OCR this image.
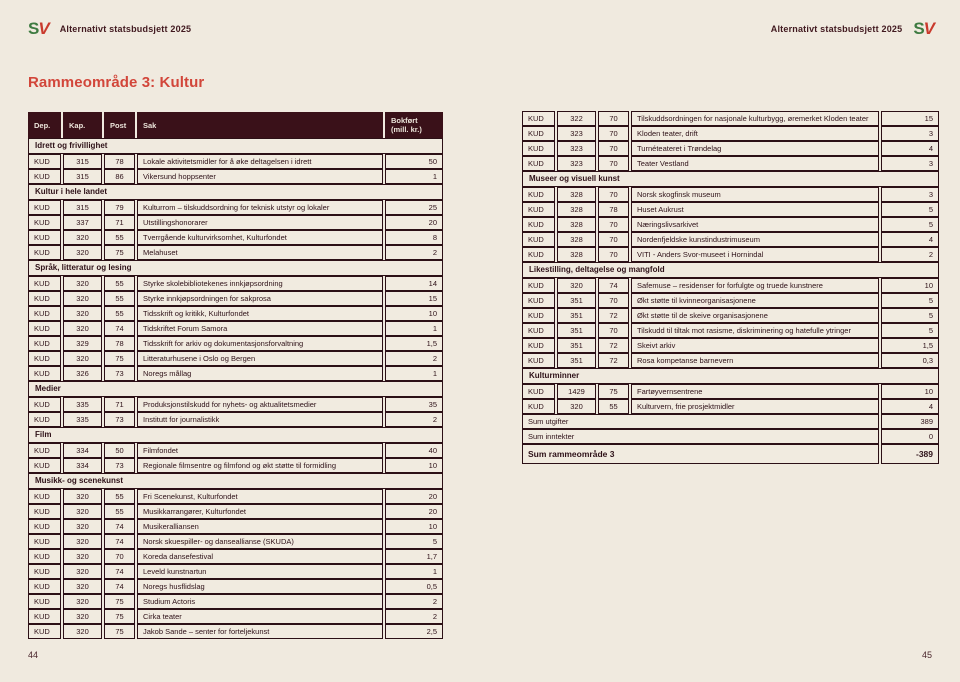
SV Alternativt statsbudsjett 2025	Alternativt statsbudsjett 2025 SV
Rammeområde 3: Kultur
Dep.	Kap.	Post	Sak	Bokført
(mill. kr.)
Idrett og frivillighet				
KUD	315	78	Lokale aktivitetsmidler for å øke deltagelsen i idrett	50
KUD	315	86	Vikersund hoppsenter	1
Kultur i hele landet				
KUD	315	79	Kulturrom – tilskuddsordning for teknisk utstyr og lokaler	25
KUD	337	71	Utstillingshonorarer	20
KUD	320	55	Tverrgående kulturvirksomhet, Kulturfondet	8
KUD	320	75	Melahuset	2
Språk, litteratur og lesing				
KUD	320	55	Styrke skolebibliotekenes innkjøpsordning	14
KUD	320	55	Styrke innkjøpsordningen for sakprosa	15
KUD	320	55	Tidsskrift og kritikk, Kulturfondet	10
KUD	320	74	Tidskriftet Forum Samora	1
KUD	329	78	Tidsskrift for arkiv og dokumentasjonsforvaltning	1,5
KUD	320	75	Litteraturhusene i Oslo og Bergen	2
KUD	326	73	Noregs mållag	1
Medier				
KUD	335	71	Produksjonstilskudd for nyhets- og aktualitetsmedier	35
KUD	335	73	Institutt for journalistikk	2
Film				
KUD	334	50	Filmfondet	40
KUD	334	73	Regionale filmsentre og filmfond og økt støtte til formidling	10
Musikk- og scenekunst				
KUD	320	55	Fri Scenekunst, Kulturfondet	20
KUD	320	55	Musikkarrangører, Kulturfondet	20
KUD	320	74	Musikeralliansen	10
KUD	320	74	Norsk skuespiller- og danseallianse (SKUDA)	5
KUD	320	70	Koreda dansefestival	1,7
KUD	320	74	Leveld kunstnartun	1
KUD	320	74	Noregs husflidslag	0,5
KUD	320	75	Studium Actoris	2
KUD	320	75	Cirka teater	2
KUD	320	75	Jakob Sande – senter for forteljekunst	2,5
KUD	322	70	Tilskuddsordningen for nasjonale kulturbygg, øremerket Kloden teater	15
KUD	323	70	Kloden teater, drift	3
KUD	323	70	Turnéteateret i Trøndelag	4
KUD	323	70	Teater Vestland	3
Museer og visuell kunst				
KUD	328	70	Norsk skogfinsk museum	3
KUD	328	78	Huset Aukrust	5
KUD	328	70	Næringslivsarkivet	5
KUD	328	70	Nordenfjeldske kunstindustrimuseum	4
KUD	328	70	VITI - Anders Svor-museet i Hornindal	2
Likestilling, deltagelse og mangfold				
KUD	320	74	Safemuse – residenser for forfulgte og truede kunstnere	10
KUD	351	70	Økt støtte til kvinneorganisasjonene	5
KUD	351	72	Økt støtte til de skeive organisasjonene	5
KUD	351	70	Tilskudd til tiltak mot rasisme, diskriminering og hatefulle ytringer	5
KUD	351	72	Skeivt arkiv	1,5
KUD	351	72	Rosa kompetanse barnevern	0,3
Kulturminner				
KUD	1429	75	Fartøyvernsentrene	10
KUD	320	55	Kulturvern, frie prosjektmidler	4
Sum utgifter				389
Sum inntekter				0
Sum rammeområde 3				-389
44	45
